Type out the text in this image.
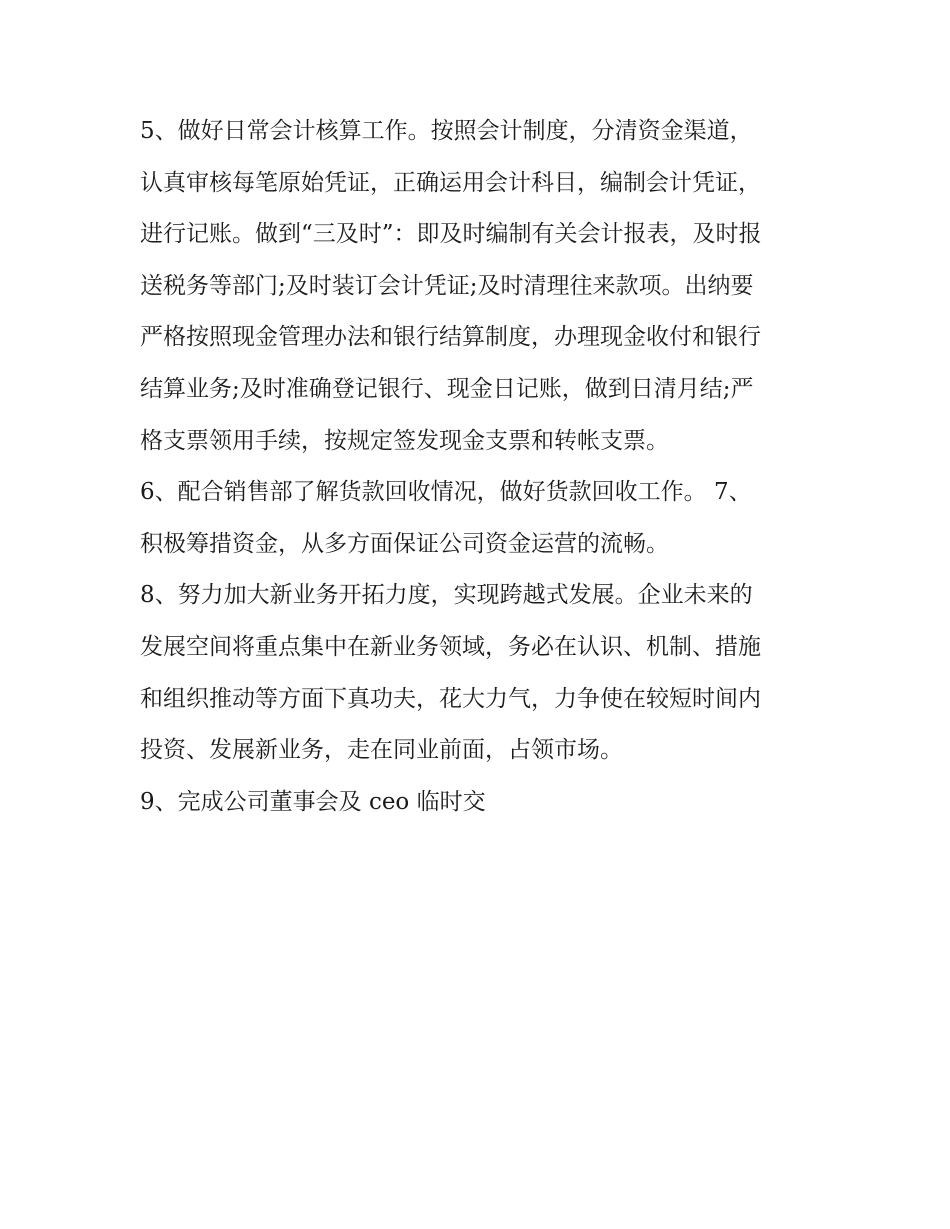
5、做好日常会计核算工作。按照会计制度，分清资金渠道，
认真审核每笔原始凭证，正确运用会计科目，编制会计凭证，
进行记账。做到“三及时”：即及时编制有关会计报表，及时报
送税务等部门;及时装订会计凭证;及时清理往来款项。出纳要
严格按照现金管理办法和银行结算制度，办理现金收付和银行
结算业务;及时准确登记银行、现金日记账，做到日清月结;严
格支票领用手续，按规定签发现金支票和转帐支票。
6、配合销售部了解货款回收情况，做好货款回收工作。 7、
积极筹措资金，从多方面保证公司资金运营的流畅。
8、努力加大新业务开拓力度，实现跨越式发展。企业未来的
发展空间将重点集中在新业务领域，务必在认识、机制、措施
和组织推动等方面下真功夫，花大力气，力争使在较短时间内
投资、发展新业务，走在同业前面，占领市场。
9、完成公司董事会及 ceo 临时交
